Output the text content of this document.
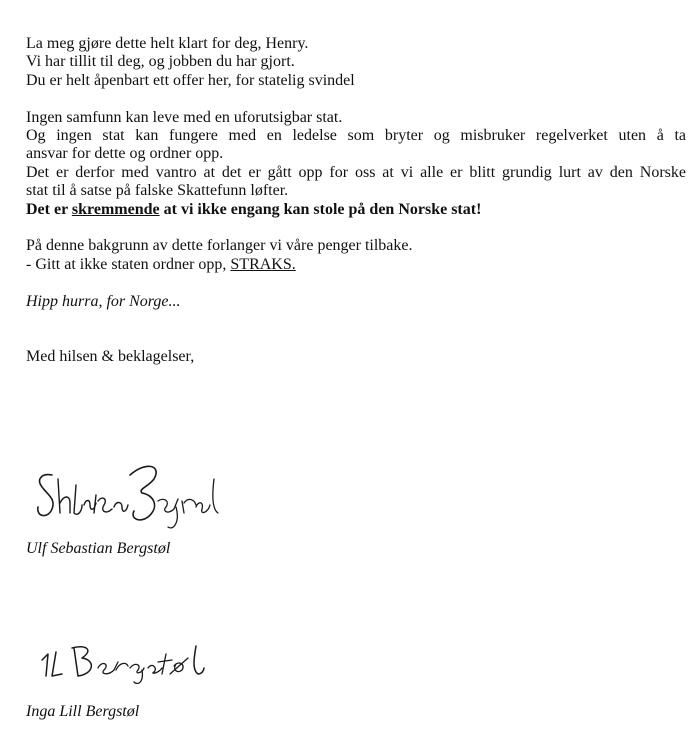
La meg gjøre dette helt klart for deg, Henry.
Vi har tillit til deg, og jobben du har gjort.
Du er helt åpenbart ett offer her, for statelig svindel
Ingen samfunn kan leve med en uforutsigbar stat.
Og ingen stat kan fungere med en ledelse som bryter og misbruker regelverket uten å ta
ansvar for dette og ordner opp.
Det er derfor med vantro at det er gått opp for oss at vi alle er blitt grundig lurt av den Norske
stat til å satse på falske Skattefunn løfter.
Det er skremmende at vi ikke engang kan stole på den Norske stat!
På denne bakgrunn av dette forlanger vi våre penger tilbake.
- Gitt at ikke staten ordner opp, STRAKS.
Hipp hurra, for Norge...
Med hilsen & beklagelser,
Ulf Sebastian Bergstøl
Inga Lill Bergstøl
